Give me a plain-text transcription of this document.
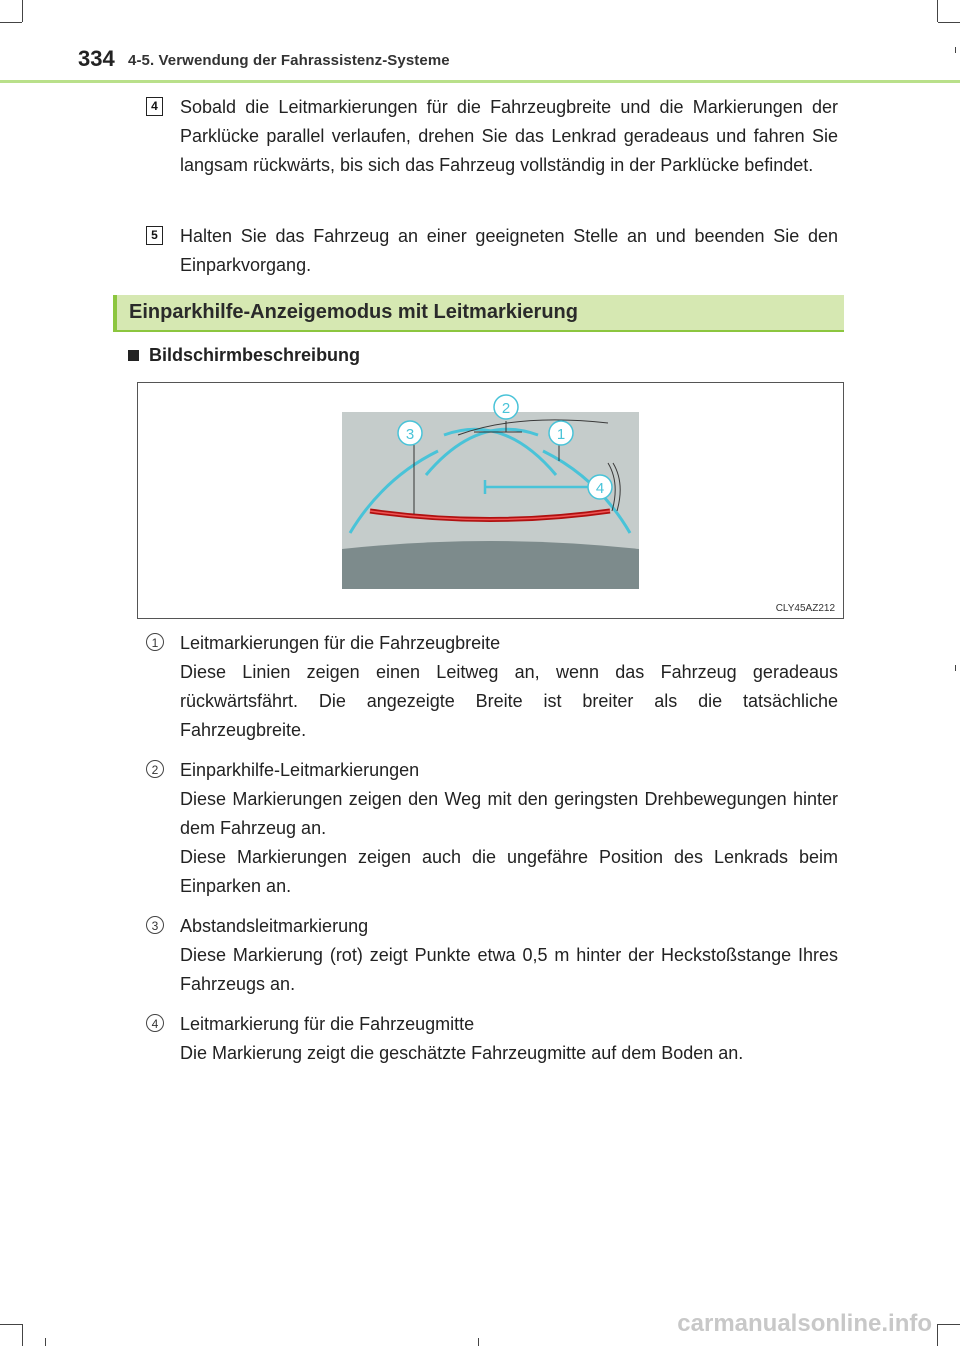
334 4-5. Verwendung der Fahrassistenz-Systeme
4 Sobald die Leitmarkierungen für die Fahrzeugbreite und die Markierungen der Parklücke parallel verlaufen, drehen Sie das Lenkrad geradeaus und fahren Sie langsam rückwärts, bis sich das Fahrzeug vollständig in der Parklücke befindet.
5 Halten Sie das Fahrzeug an einer geeigneten Stelle an und beenden Sie den Einparkvorgang.
Einparkhilfe-Anzeigemodus mit Leitmarkierung
Bildschirmbeschreibung
2
3	1
4
CLY45AZ212
1	Leitmarkierungen für die Fahrzeugbreite
Diese Linien zeigen einen Leitweg an, wenn das Fahrzeug geradeaus rückwärtsfährt. Die angezeigte Breite ist breiter als die tatsächliche Fahrzeugbreite.
2	Einparkhilfe-Leitmarkierungen
Diese Markierungen zeigen den Weg mit den geringsten Drehbewegungen hinter dem Fahrzeug an.
Diese Markierungen zeigen auch die ungefähre Position des Lenkrads beim Einparken an.
3	Abstandsleitmarkierung
Diese Markierung (rot) zeigt Punkte etwa 0,5 m hinter der Heckstoßstange Ihres Fahrzeugs an.
4	Leitmarkierung für die Fahrzeugmitte
Die Markierung zeigt die geschätzte Fahrzeugmitte auf dem Boden an.
carmanualsonline.info
